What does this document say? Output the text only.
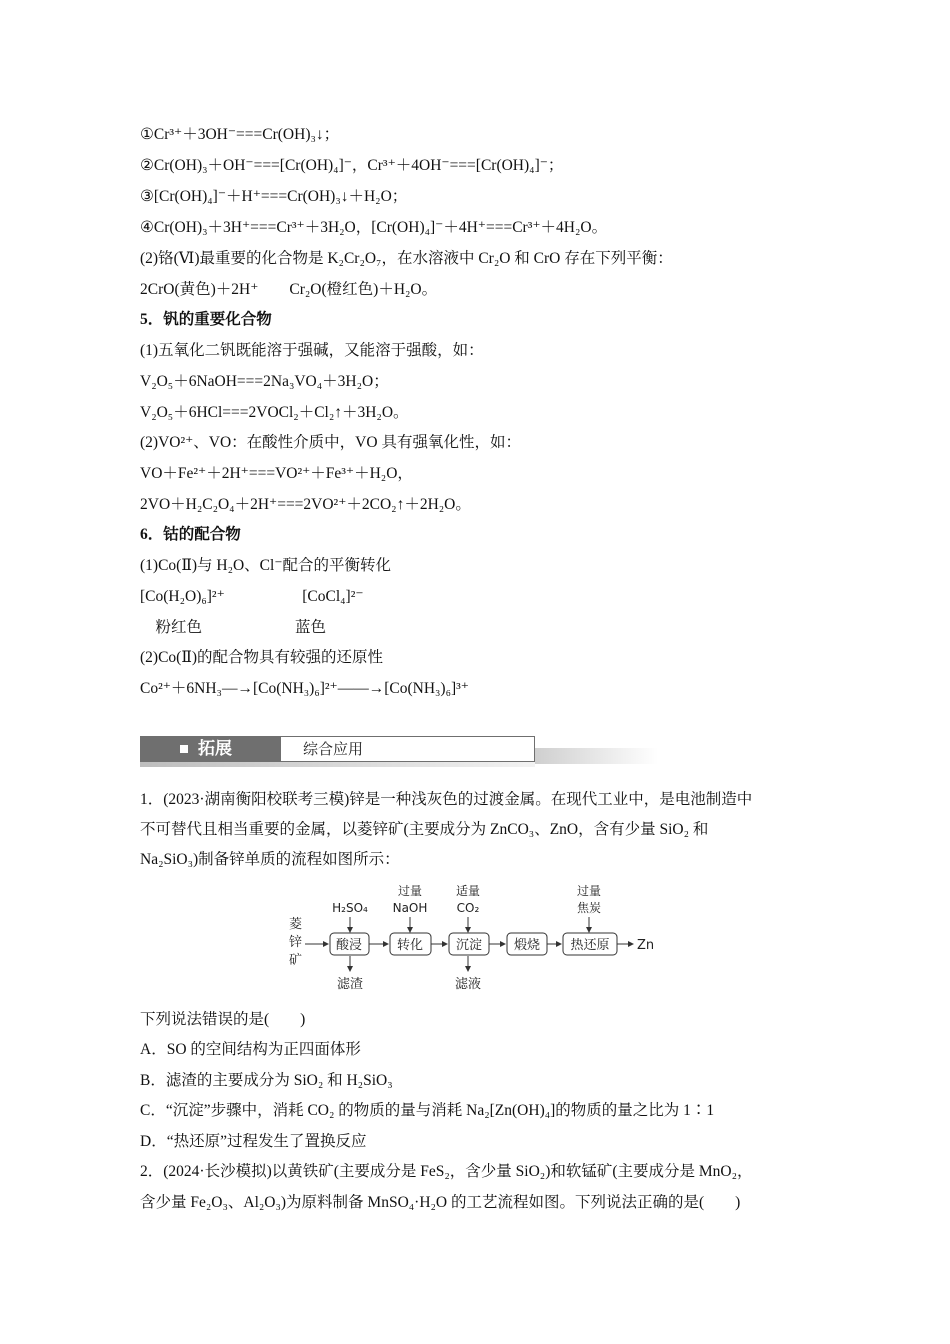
①Cr³⁺＋3OH⁻===Cr(OH)₃↓；
②Cr(OH)₃＋OH⁻===[Cr(OH)₄]⁻，Cr³⁺＋4OH⁻===[Cr(OH)₄]⁻；
③[Cr(OH)₄]⁻＋H⁺===Cr(OH)₃↓＋H₂O；
④Cr(OH)₃＋3H⁺===Cr³⁺＋3H₂O，[Cr(OH)₄]⁻＋4H⁺===Cr³⁺＋4H₂O。
(2)铬(Ⅵ)最重要的化合物是 K₂Cr₂O₇，在水溶液中 Cr₂O 和 CrO 存在下列平衡：
2CrO(黄色)＋2H⁺　　Cr₂O(橙红色)＋H₂O。
5．钒的重要化合物
(1)五氧化二钒既能溶于强碱，又能溶于强酸，如：
V₂O₅＋6NaOH===2Na₃VO₄＋3H₂O；
V₂O₅＋6HCl===2VOCl₂＋Cl₂↑＋3H₂O。
(2)VO²⁺、VO：在酸性介质中，VO 具有强氧化性，如：
VO＋Fe²⁺＋2H⁺===VO²⁺＋Fe³⁺＋H₂O，
2VO＋H₂C₂O₄＋2H⁺===2VO²⁺＋2CO₂↑＋2H₂O。
6．钴的配合物
(1)Co(Ⅱ)与 H₂O、Cl⁻配合的平衡转化
[Co(H₂O)₆]²⁺　　　　　[CoCl₄]²⁻
　粉红色　　　　　　蓝色
(2)Co(Ⅱ)的配合物具有较强的还原性
Co²⁺＋6NH₃—→[Co(NH₃)₆]²⁺——→[Co(NH₃)₆]³⁺
拓展	综合应用
1．(2023·湖南衡阳校联考三模)锌是一种浅灰色的过渡金属。在现代工业中，是电池制造中
不可替代且相当重要的金属，以菱锌矿(主要成分为 ZnCO₃、ZnO，含有少量 SiO₂ 和
Na₂SiO₃)制备锌单质的流程如图所示：
菱
锌
矿
酸浸	转化	沉淀 煅烧 热还原
H₂SO₄
过量
NaOH
适量
CO₂
过量
焦炭
滤渣	滤液
Zn
下列说法错误的是(　　)
A．SO 的空间结构为正四面体形
B．滤渣的主要成分为 SiO₂ 和 H₂SiO₃
C．“沉淀”步骤中，消耗 CO₂ 的物质的量与消耗 Na₂[Zn(OH)₄]的物质的量之比为 1∶1
D．“热还原”过程发生了置换反应
2．(2024·长沙模拟)以黄铁矿(主要成分是 FeS₂，含少量 SiO₂)和软锰矿(主要成分是 MnO₂，
含少量 Fe₂O₃、Al₂O₃)为原料制备 MnSO₄·H₂O 的工艺流程如图。下列说法正确的是(　　)
